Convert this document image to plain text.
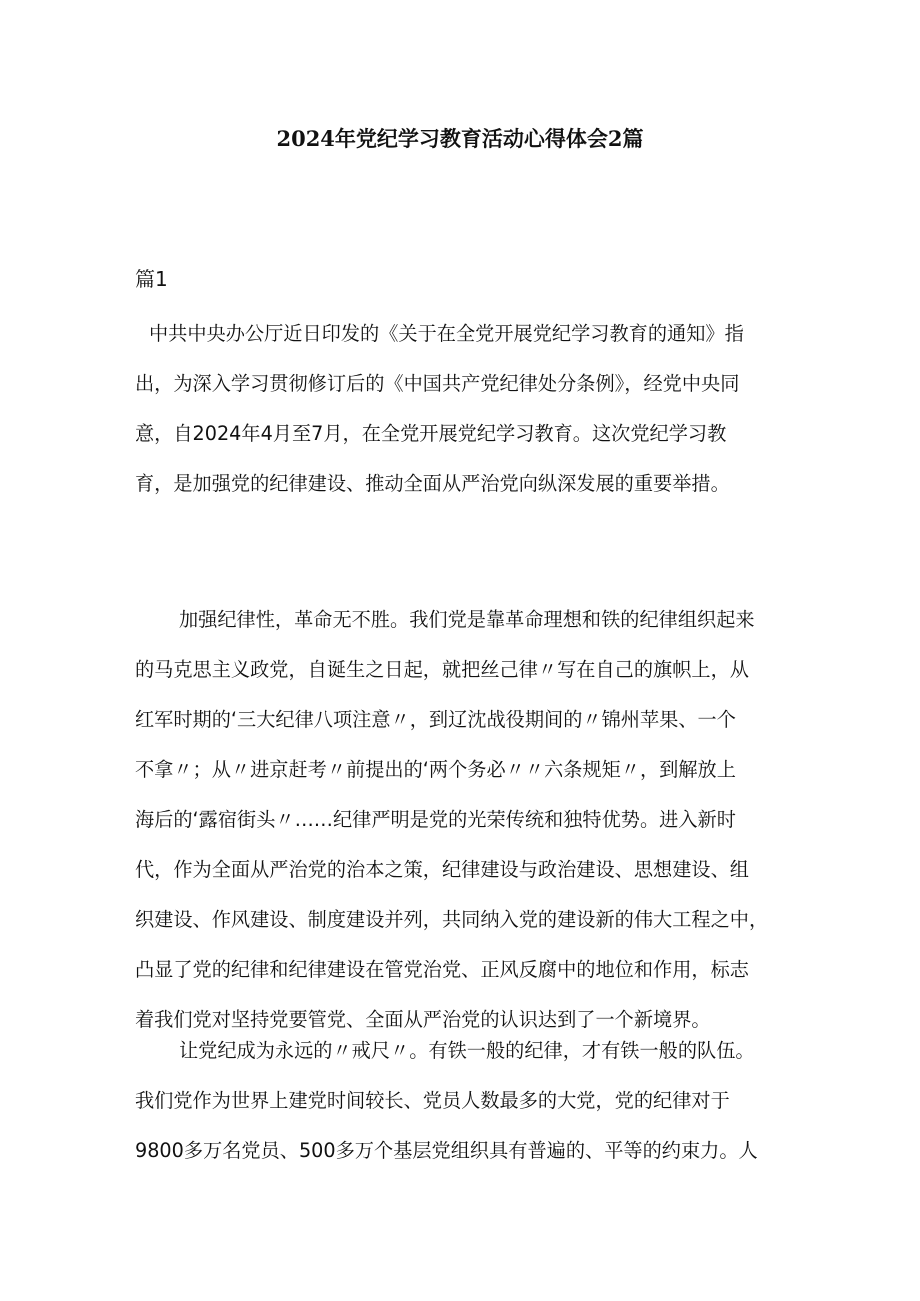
2024年党纪学习教育活动心得体会2篇
篇1
中共中央办公厅近日印发的《关于在全党开展党纪学习教育的通知》指
出，为深入学习贯彻修订后的《中国共产党纪律处分条例》，经党中央同
意，自2024年4月至7月，在全党开展党纪学习教育。这次党纪学习教
育，是加强党的纪律建设、推动全面从严治党向纵深发展的重要举措。
加强纪律性，革命无不胜。我们党是靠革命理想和铁的纪律组织起来
的马克思主义政党，自诞生之日起，就把丝己律〃写在自己的旗帜上，从
红军时期的‘三大纪律八项注意〃，到辽沈战役期间的〃锦州苹果、一个
不拿〃；从〃进京赶考〃前提出的‘两个务必〃〃六条规矩〃，到解放上
海后的‘露宿街头〃……纪律严明是党的光荣传统和独特优势。进入新时
代，作为全面从严治党的治本之策，纪律建设与政治建设、思想建设、组
织建设、作风建设、制度建设并列，共同纳入党的建设新的伟大工程之中，
凸显了党的纪律和纪律建设在管党治党、正风反腐中的地位和作用，标志
着我们党对坚持党要管党、全面从严治党的认识达到了一个新境界。
让党纪成为永远的〃戒尺〃。有铁一般的纪律，才有铁一般的队伍。
我们党作为世界上建党时间较长、党员人数最多的大党，党的纪律对于
9800多万名党员、500多万个基层党组织具有普遍的、平等的约束力。人
